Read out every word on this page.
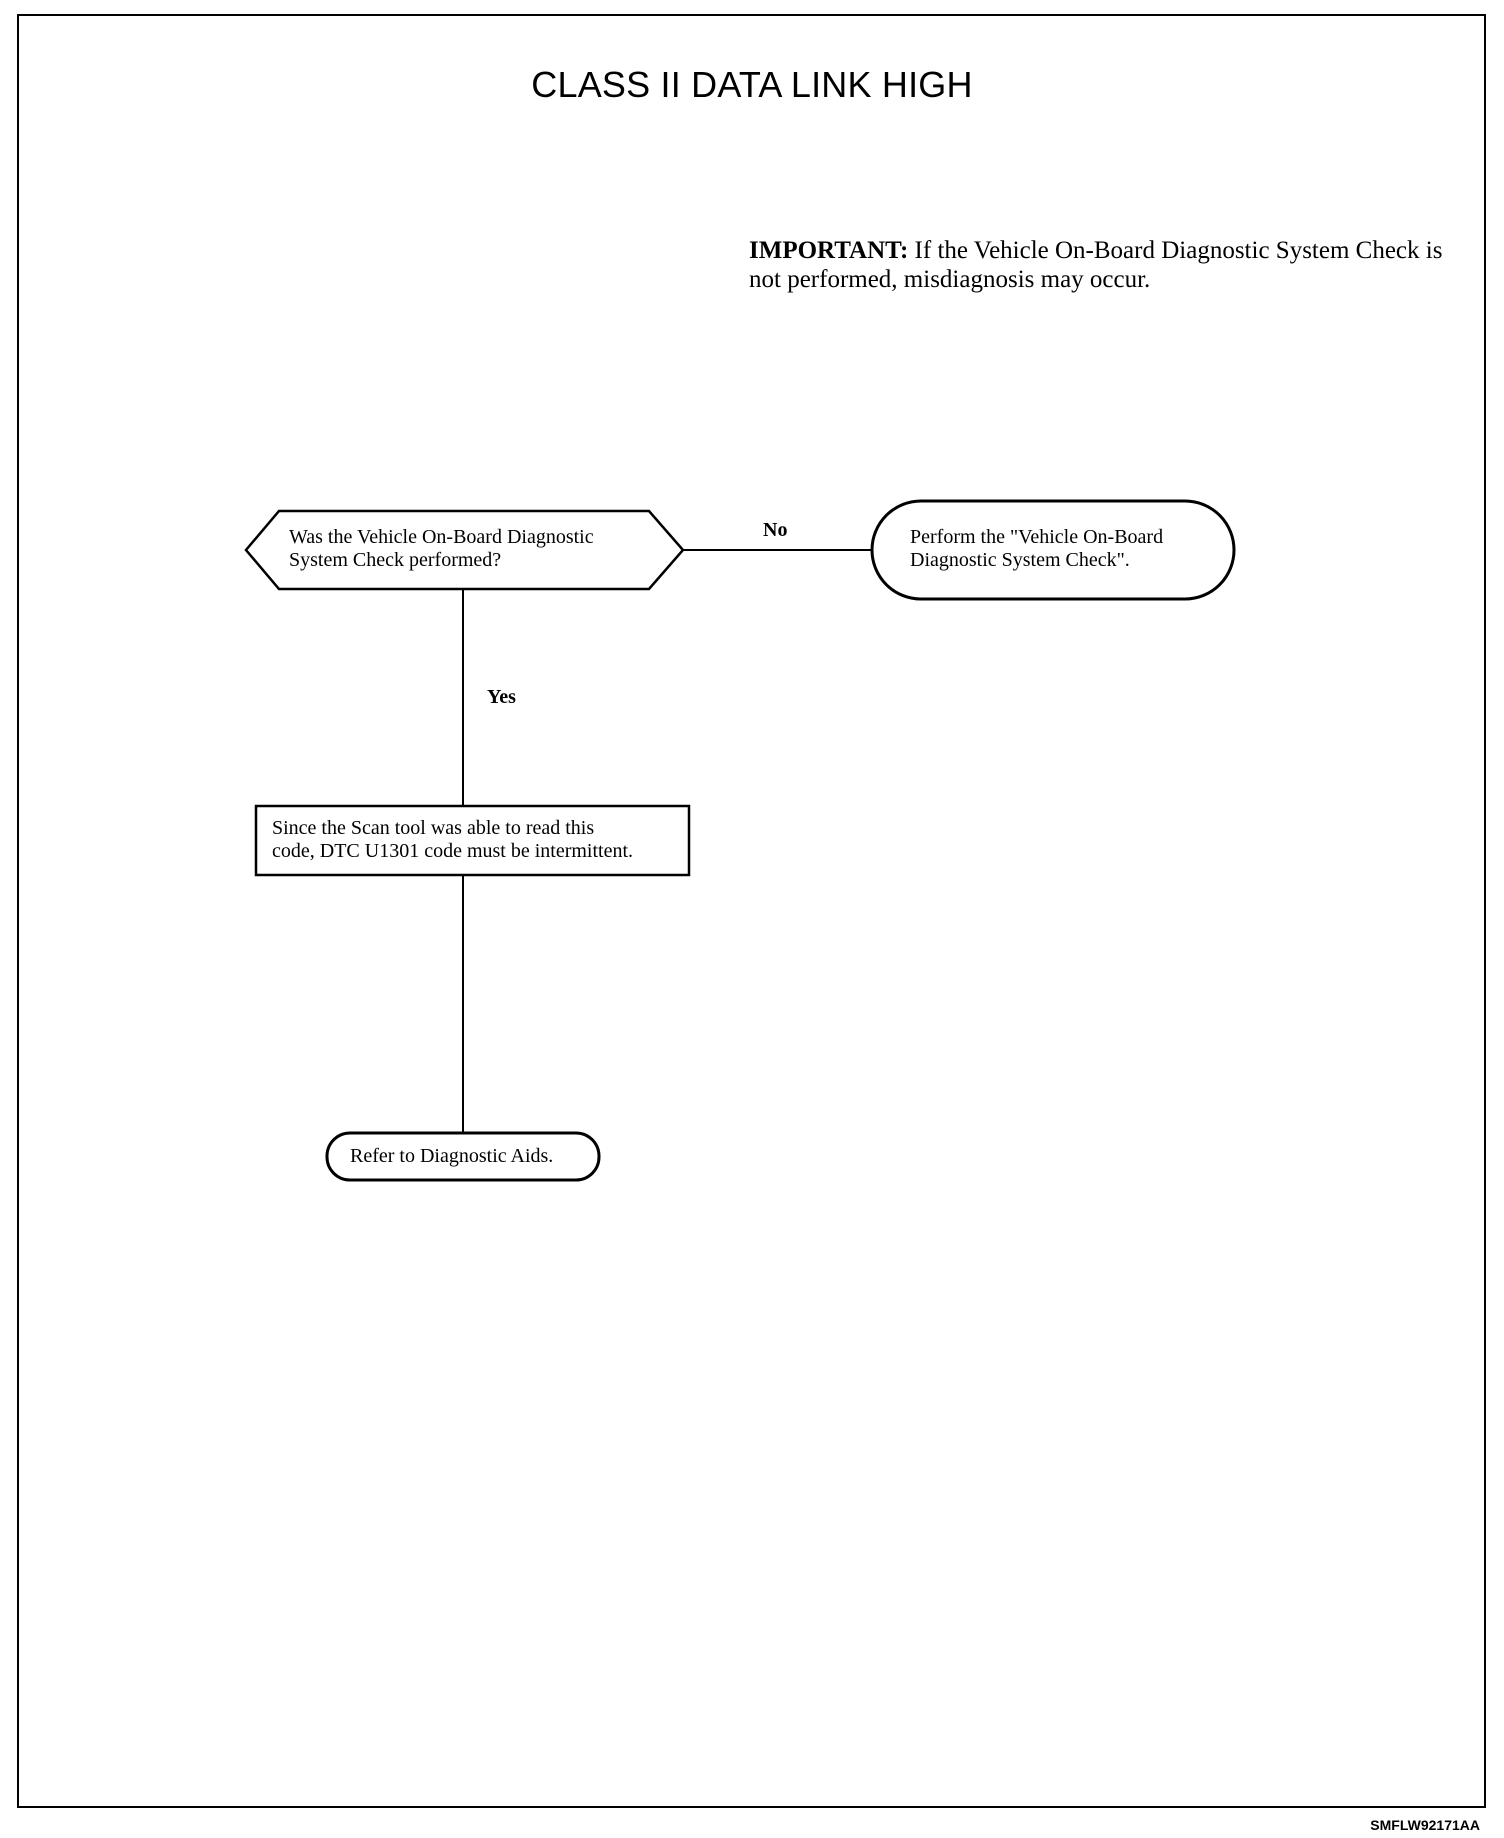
CLASS II DATA LINK HIGH
IMPORTANT: If the Vehicle On-Board Diagnostic System Check is not performed, misdiagnosis may occur.
Was the Vehicle On-Board Diagnostic
System Check performed?
Perform the "Vehicle On-Board
Diagnostic System Check".
Since the Scan tool was able to read this
code, DTC U1301 code must be intermittent.
Refer to Diagnostic Aids.
No
Yes
SMFLW92171AA
